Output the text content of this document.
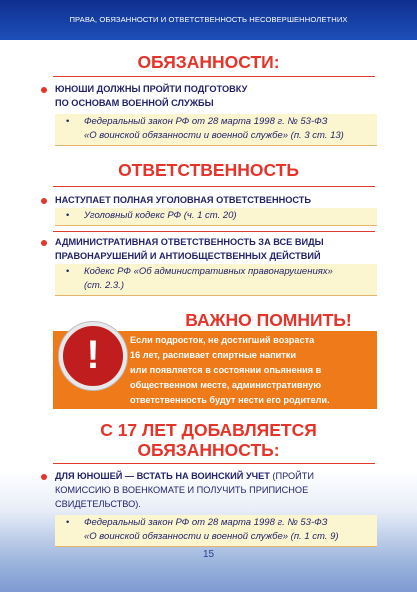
ПРАВА, ОБЯЗАННОСТИ И ОТВЕТСТВЕННОСТЬ НЕСОВЕРШЕННОЛЕТНИХ
ОБЯЗАННОСТИ:
ЮНОШИ ДОЛЖНЫ ПРОЙТИ ПОДГОТОВКУ
ПО ОСНОВАМ ВОЕННОЙ СЛУЖБЫ
• Федеральный закон РФ от 28 марта 1998 г. № 53-ФЗ
«О воинской обязанности и военной службе» (п. 3 ст. 13)
ОТВЕТСТВЕННОСТЬ
НАСТУПАЕТ ПОЛНАЯ УГОЛОВНАЯ ОТВЕТСТВЕННОСТЬ
• Уголовный кодекс РФ (ч. 1 ст. 20)
АДМИНИСТРАТИВНАЯ ОТВЕТСТВЕННОСТЬ ЗА ВСЕ ВИДЫ
ПРАВОНАРУШЕНИЙ И АНТИОБЩЕСТВЕННЫХ ДЕЙСТВИЙ
• Кодекс РФ «Об административных правонарушениях»
(ст. 2.3.)
ВАЖНО ПОМНИТЬ!
Если подросток, не достигший возраста
16 лет, распивает спиртные напитки
или появляется в состоянии опьянения в
общественном месте, административную
ответственность будут нести его родители.
!
С 17 ЛЕТ ДОБАВЛЯЕТСЯ
ОБЯЗАННОСТЬ:
ДЛЯ ЮНОШЕЙ — ВСТАТЬ НА ВОИНСКИЙ УЧЕТ (ПРОЙТИ
КОМИССИЮ В ВОЕНКОМАТЕ И ПОЛУЧИТЬ ПРИПИСНОЕ
СВИДЕТЕЛЬСТВО).
• Федеральный закон РФ от 28 марта 1998 г. № 53-ФЗ
«О воинской обязанности и военной службе» (п. 1 ст. 9)
15
